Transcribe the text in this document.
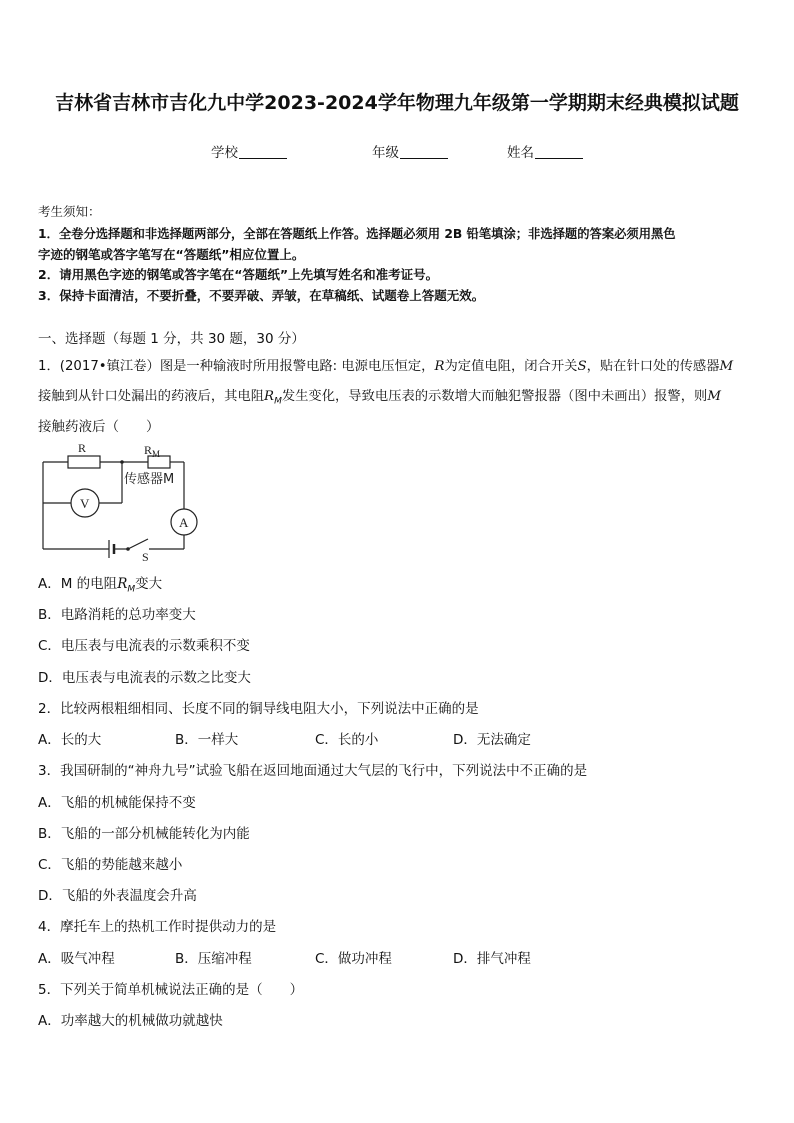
吉林省吉林市吉化九中学2023-2024学年物理九年级第一学期期末经典模拟试题
学校	年级	姓名
考生须知：
1．全卷分选择题和非选择题两部分，全部在答题纸上作答。选择题必须用 2B 铅笔填涂；非选择题的答案必须用黑色
字迹的钢笔或答字笔写在“答题纸”相应位置上。
2．请用黑色字迹的钢笔或答字笔在“答题纸”上先填写姓名和准考证号。
3．保持卡面清洁，不要折叠，不要弄破、弄皱，在草稿纸、试题卷上答题无效。
一、选择题（每题 1 分，共 30 题，30 分）
1．(2017•镇江卷）图是一种输液时所用报警电路: 电源电压恒定，R为定值电阻，闭合开关S，贴在针口处的传感器M
接触到从针口处漏出的药液后，其电阻$R_M$发生变化，导致电压表的示数增大而触犯警报器（图中未画出）报警，则M
接触药液后（　　）
R	$R_M$
传感器M
V
A
S
A．M 的电阻$R_M$变大
B．电路消耗的总功率变大
C．电压表与电流表的示数乘积不变
D．电压表与电流表的示数之比变大
2．比较两根粗细相同、长度不同的铜导线电阻大小，下列说法中正确的是
A．长的大	B．一样大	C．长的小	D．无法确定
3．我国研制的“神舟九号”试验飞船在返回地面通过大气层的飞行中，下列说法中不正确的是
A．飞船的机械能保持不变
B．飞船的一部分机械能转化为内能
C．飞船的势能越来越小
D．飞船的外表温度会升高
4．摩托车上的热机工作时提供动力的是
A．吸气冲程	B．压缩冲程	C．做功冲程	D．排气冲程
5．下列关于简单机械说法正确的是（　　）
A．功率越大的机械做功就越快
